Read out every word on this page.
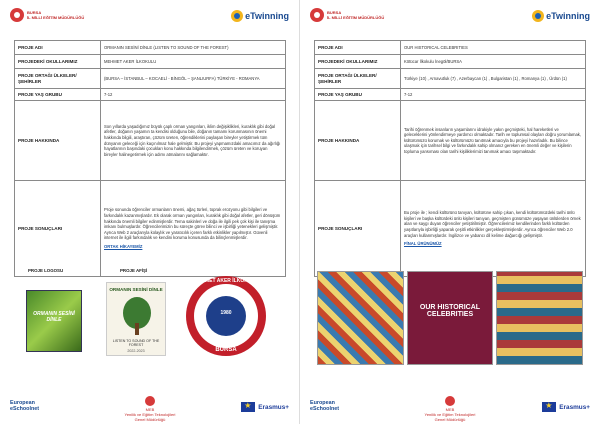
BURSA
İL MİLLİ EĞİTİM MÜDÜRLÜĞÜ	eTwinning
PROJE ADI	ORMANIN SESİNİ DİNLE (LISTEN TO SOUND OF THE FOREST)
PROJEDEKİ OKULLARIMIZ	MEHMET AKER İLKOKULU
PROJE ORTAĞI ÜLKELER/ŞEHİRLER	(BURSA – İSTANBUL – KOCAELİ - BİNGÖL – ŞANLIURFA) TÜRKİYE - ROMANYA
PROJE YAŞ GRUBU	7-12
PROJE HAKKINDA	Son yıllarda yaşadığımız büyük çaplı orman yangınları, iklim değişiklikleri, kuraklık gibi doğal afetler, doğanın yaşamın ta kendisi olduğunu bile, doğanın tamamı korunmasının önemi hakkında bilgili, araştıran, çözüm üreten, öğrendiklerini paylaşan bireyler yetiştirmek tüm dünyanın geleceği için kaçınılmaz hale gelmiştir. Bu projeyi yapmamızdaki amacımız da ağırlığı hayatlarının başındaki çocukları konu hakkında bilgilendirmek, çözüm üreten ve koruyan bireyler halinegetirmek için adımı atmalarını sağlamaktır.
PROJE SONUÇLARI	Proje sonunda öğrenciler ormanların önemi, ağaç türleri, toprak erozyonu gibi bilgileri ve farkındalık kazanmışlardır. Ek olarak orman yangınları, kuraklık gibi doğal afetler, geri dönüşüm hakkında önemli bilgiler edinmişlerdir. Tema sakinleri ve doğa ile ilgili pek çok kişi ile tanışma imkanı bulmuşlardır. Öğrencilerimizin bu süreçte görev bilinci ve işbirliği yetenekleri gelişmiştir. Ayrıca Web 2 araçlarıyla kolaylık ve yaratıcılık içeren farklı etkinlikler yapılmıştır. Güvenli internet ile ilgili farkındalık ve kendini koruma konusunda da bilinçlenmişlerdir.
ORTAK HİKAYEMİZ
PROJE LOGOSU	PROJE AFİŞİ
ORMANIN SESİNİ DİNLE
ORMANIN SESİNİ DİNLE
LISTEN TO SOUND OF THE FOREST
2022-2023
MEHMET AKER İLKOKULU
1980
BURSA
European
eSchoolnet	MEB
Yenilik ve Eğitim Teknolojileri
Genel Müdürlüğü
★
Erasmus+
BURSA
İL MİLLİ EĞİTİM MÜDÜRLÜĞÜ	eTwinning
PROJE ADI	OUR HISTORICAL CELEBRITIES
PROJEDEKİ OKULLARIMIZ	Kötücar İlkokulu İnegöl/BURSA
PROJE ORTAĞI ÜLKELER/ŞEHİRLER	Türkiye (10) , Arnavutluk (7) , Azerbaycan (1) , Bulgaristan (1) , Romanya (1) , Ürdün (1)
PROJE YAŞ GRUBU	7-12
PROJE HAKKINDA	Tarihi öğrenmek insanların yaşamlarını idrakiyle yakın geçmişteki, hal hareketleri ve geleceklerini yönlendirmeye yardımcı olmaktadır. Tarih ve toplumsal olayları doğru yorumlamak, kültürümüzü korumak ve kültürümüzü tanıtmak amacıyla bu projeyi hazırladık. Bu bilince ulaşmak için tarihsel bilgi ve farkındalık sahip olmanız gereken en önemli değer ve kişilerin topluma yansıması olan tarihi kişiliklerimizi tanımak amacı taşımaktadır.
PROJE SONUÇLARI	Bu proje ile ; kendi kültürünü tanıyan, kültürüne sahip çıkan, kendi kültürümüzdeki tarihi ünlü kişileri ve başka kültürdeki ünlü kişileri tanıyan, geçmişten günümüze yaşayan ünlülerden örnek alan ve saygı duyan öğrenciler yetiştirilmiştir. Öğrencilerimiz kendilerinden farklı kültürden yaşıtlarıyla işbirliği yaparak çeşitli etkinlikler gerçekleştirmişlerdir. Ayrıca öğrenciler Web 2.0 araçları kullanmışlardır. İngilizce ve yabancı dil kelime dağarcığı gelişmiştir.
FİNAL ÜRÜNÜMÜZ
OUR HISTORICAL CELEBRITIES
European
eSchoolnet	MEB
Yenilik ve Eğitim Teknolojileri
Genel Müdürlüğü
★
Erasmus+
